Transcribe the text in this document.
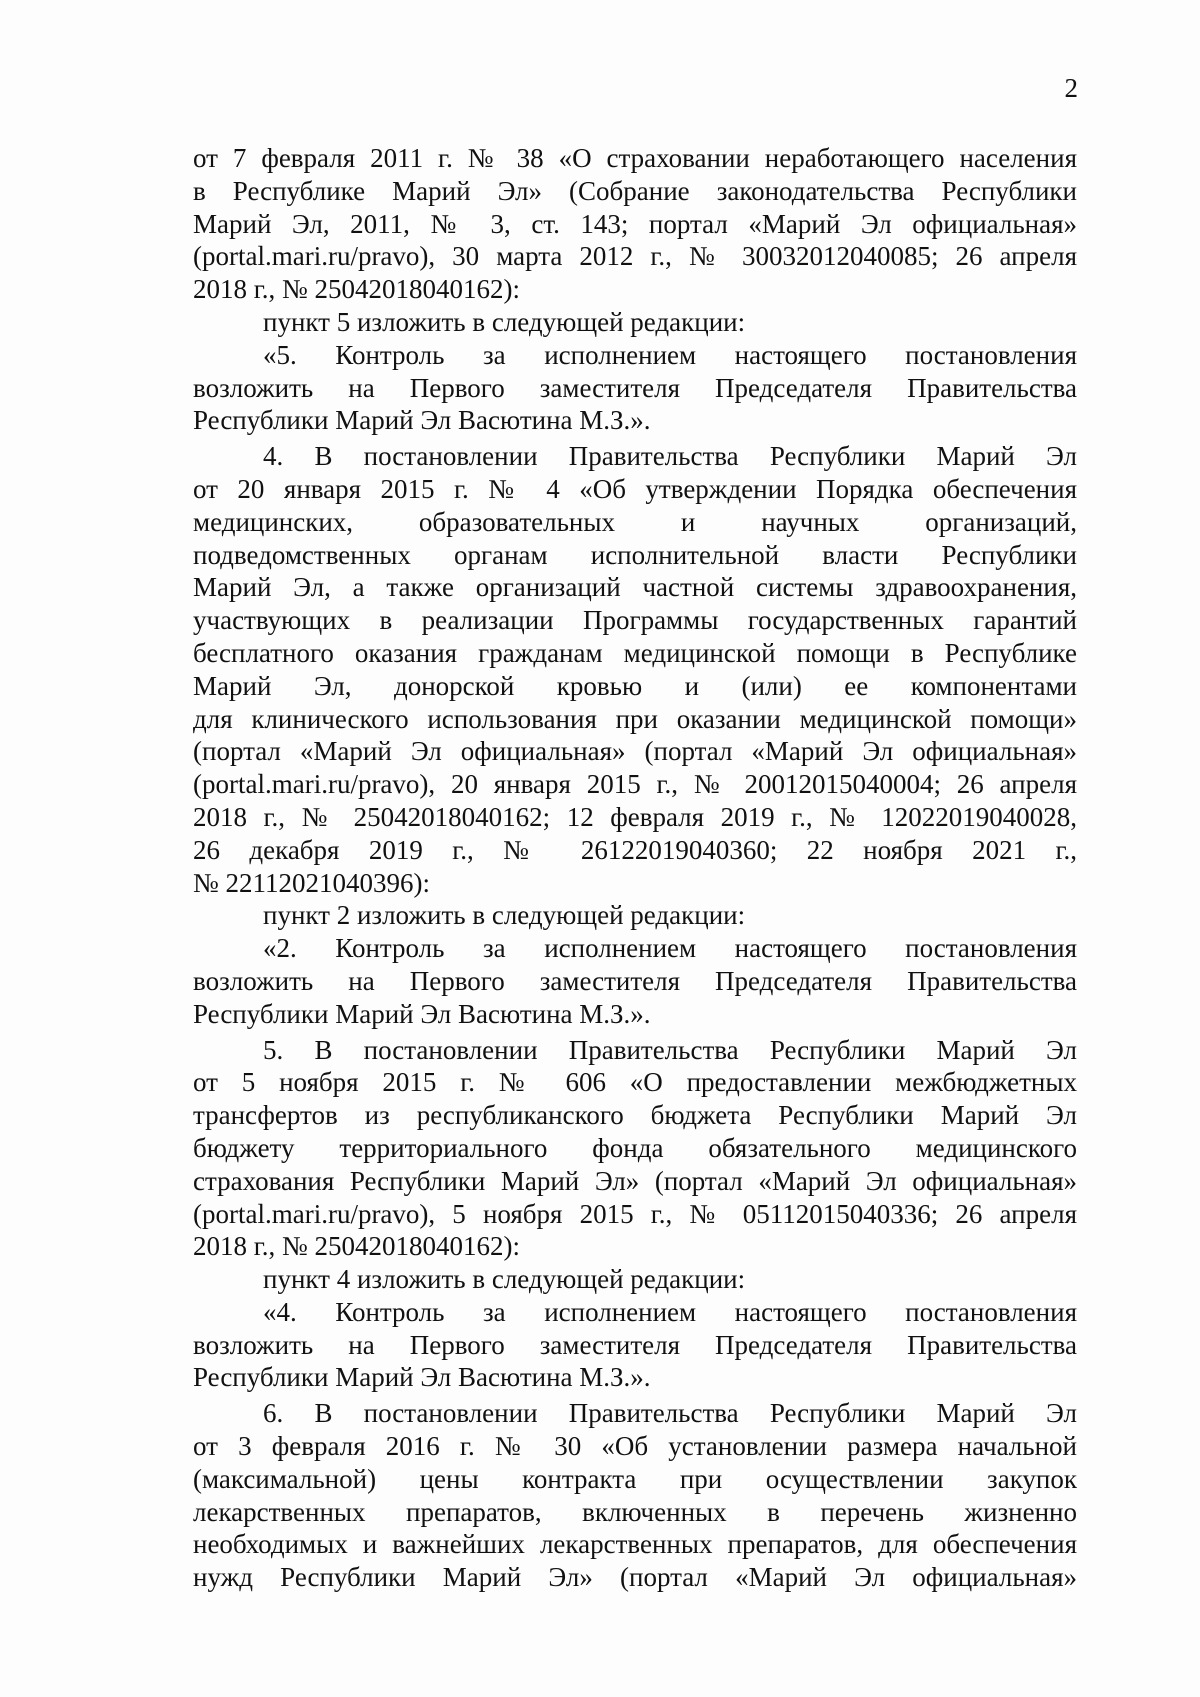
2
от 7 февраля 2011 г. № 38 «О страховании неработающего населения
в Республике Марий Эл» (Собрание законодательства Республики
Марий Эл, 2011, № 3, ст. 143; портал «Марий Эл официальная»
(portal.mari.ru/pravo), 30 марта 2012 г., № 30032012040085; 26 апреля
2018 г., № 25042018040162):
пункт 5 изложить в следующей редакции:
«5. Контроль за исполнением настоящего постановления
возложить на Первого заместителя Председателя Правительства
Республики Марий Эл Васютина М.З.».
4. В постановлении Правительства Республики Марий Эл
от 20 января 2015 г. № 4 «Об утверждении Порядка обеспечения
медицинских, образовательных и научных организаций,
подведомственных органам исполнительной власти Республики
Марий Эл, а также организаций частной системы здравоохранения,
участвующих в реализации Программы государственных гарантий
бесплатного оказания гражданам медицинской помощи в Республике
Марий Эл, донорской кровью и (или) ее компонентами
для клинического использования при оказании медицинской помощи»
(портал «Марий Эл официальная» (портал «Марий Эл официальная»
(portal.mari.ru/pravo), 20 января 2015 г., № 20012015040004; 26 апреля
2018 г., № 25042018040162; 12 февраля 2019 г., № 12022019040028,
26 декабря 2019 г., № 26122019040360; 22 ноября 2021 г.,
№ 22112021040396):
пункт 2 изложить в следующей редакции:
«2. Контроль за исполнением настоящего постановления
возложить на Первого заместителя Председателя Правительства
Республики Марий Эл Васютина М.З.».
5. В постановлении Правительства Республики Марий Эл
от 5 ноября 2015 г. № 606 «О предоставлении межбюджетных
трансфертов из республиканского бюджета Республики Марий Эл
бюджету территориального фонда обязательного медицинского
страхования Республики Марий Эл» (портал «Марий Эл официальная»
(portal.mari.ru/pravo), 5 ноября 2015 г., № 05112015040336; 26 апреля
2018 г., № 25042018040162):
пункт 4 изложить в следующей редакции:
«4. Контроль за исполнением настоящего постановления
возложить на Первого заместителя Председателя Правительства
Республики Марий Эл Васютина М.З.».
6. В постановлении Правительства Республики Марий Эл
от 3 февраля 2016 г. № 30 «Об установлении размера начальной
(максимальной) цены контракта при осуществлении закупок
лекарственных препаратов, включенных в перечень жизненно
необходимых и важнейших лекарственных препаратов, для обеспечения
нужд Республики Марий Эл» (портал «Марий Эл официальная»
